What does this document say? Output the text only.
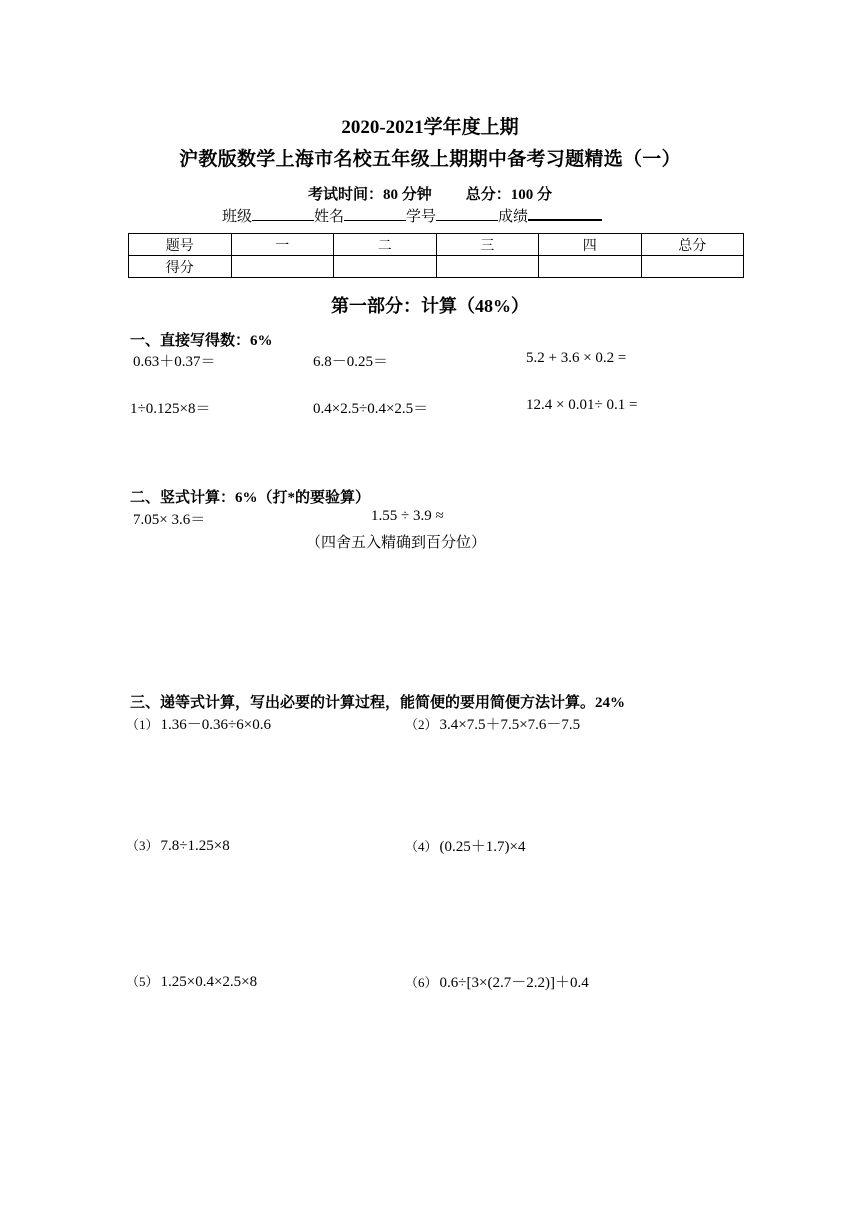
2020-2021学年度上期
沪教版数学上海市名校五年级上期期中备考习题精选（一）
考试时间：80 分钟 总分：100 分
班级	姓名	学号	成绩
题号	一	二	三	四	总分
得分					
第一部分：计算（48%）
一、直接写得数：6%
0.63＋0.37＝	6.8－0.25＝	5.2 + 3.6 × 0.2 =
1÷0.125×8＝	0.4×2.5÷0.4×2.5＝	12.4 × 0.01÷ 0.1 =
二、竖式计算：6%（打*的要验算）
7.05× 3.6＝	1.55 ÷ 3.9 ≈
（四舍五入精确到百分位）
三、递等式计算，写出必要的计算过程，能简便的要用简便方法计算。24%
（1） 1.36－0.36÷6×0.6	（2） 3.4×7.5＋7.5×7.6－7.5
（3） 7.8÷1.25×8	（4） (0.25＋1.7)×4
（5） 1.25×0.4×2.5×8	（6） 0.6÷[3×(2.7－2.2)]＋0.4
